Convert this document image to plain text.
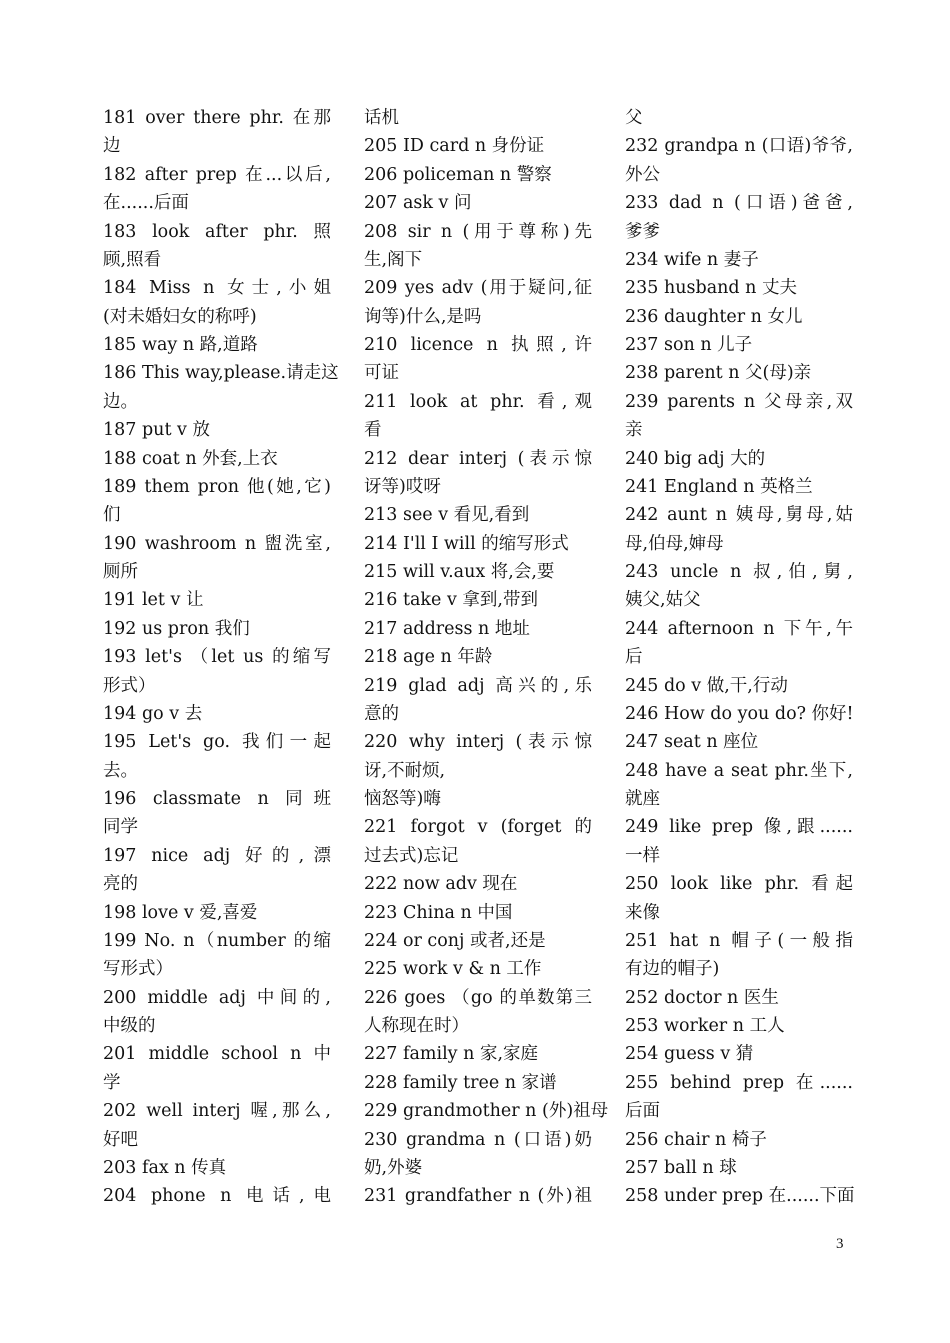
181 over there phr. 在那
边
182 after prep 在...以后,
在......后面
183 look after phr. 照
顾,照看
184 Miss n 女士,小姐
(对未婚妇女的称呼)
185 way n 路,道路
186 This way,please.请走这
边。
187 put v 放
188 coat n 外套,上衣
189 them pron 他(她,它)
们
190 washroom n 盥洗室,
厕所
191 let v 让
192 us pron 我们
193 let's （let us 的缩写
形式）
194 go v 去
195 Let's go. 我们一起
去。
196 classmate n 同班
同学
197 nice adj 好的,漂
亮的
198 love v 爱,喜爱
199 No. n（number 的缩
写形式）
200 middle adj 中间的,
中级的
201 middle school n 中
学
202 well interj 喔,那么,
好吧
203 fax n 传真
204 phone n 电话,电
话机
205 ID card n 身份证
206 policeman n 警察
207 ask v 问
208 sir n (用于尊称)先
生,阁下
209 yes adv (用于疑问,征
询等)什么,是吗
210 licence n 执照,许
可证
211 look at phr. 看,观
看
212 dear interj (表示惊
讶等)哎呀
213 see v 看见,看到
214 I'll I will 的缩写形式
215 will v.aux 将,会,要
216 take v 拿到,带到
217 address n 地址
218 age n 年龄
219 glad adj 高兴的,乐
意的
220 why interj (表示惊
讶,不耐烦,
恼怒等)嗨
221 forgot v (forget 的
过去式)忘记
222 now adv 现在
223 China n 中国
224 or conj 或者,还是
225 work v & n 工作
226 goes （go 的单数第三
人称现在时）
227 family n 家,家庭
228 family tree n 家谱
229 grandmother n (外)祖母
230 grandma n (口语)奶
奶,外婆
231 grandfather n (外)祖
父
232 grandpa n (口语)爷爷,
外公
233 dad n (口语)爸爸,
爹爹
234 wife n 妻子
235 husband n 丈夫
236 daughter n 女儿
237 son n 儿子
238 parent n 父(母)亲
239 parents n 父母亲,双
亲
240 big adj 大的
241 England n 英格兰
242 aunt n 姨母,舅母,姑
母,伯母,婶母
243 uncle n 叔,伯,舅,
姨父,姑父
244 afternoon n 下午,午
后
245 do v 做,干,行动
246 How do you do? 你好!
247 seat n 座位
248 have a seat phr.坐下,
就座
249 like prep 像,跟......
一样
250 look like phr. 看起
来像
251 hat n 帽子(一般指
有边的帽子)
252 doctor n 医生
253 worker n 工人
254 guess v 猜
255 behind prep 在......
后面
256 chair n 椅子
257 ball n 球
258 under prep 在......下面
3
